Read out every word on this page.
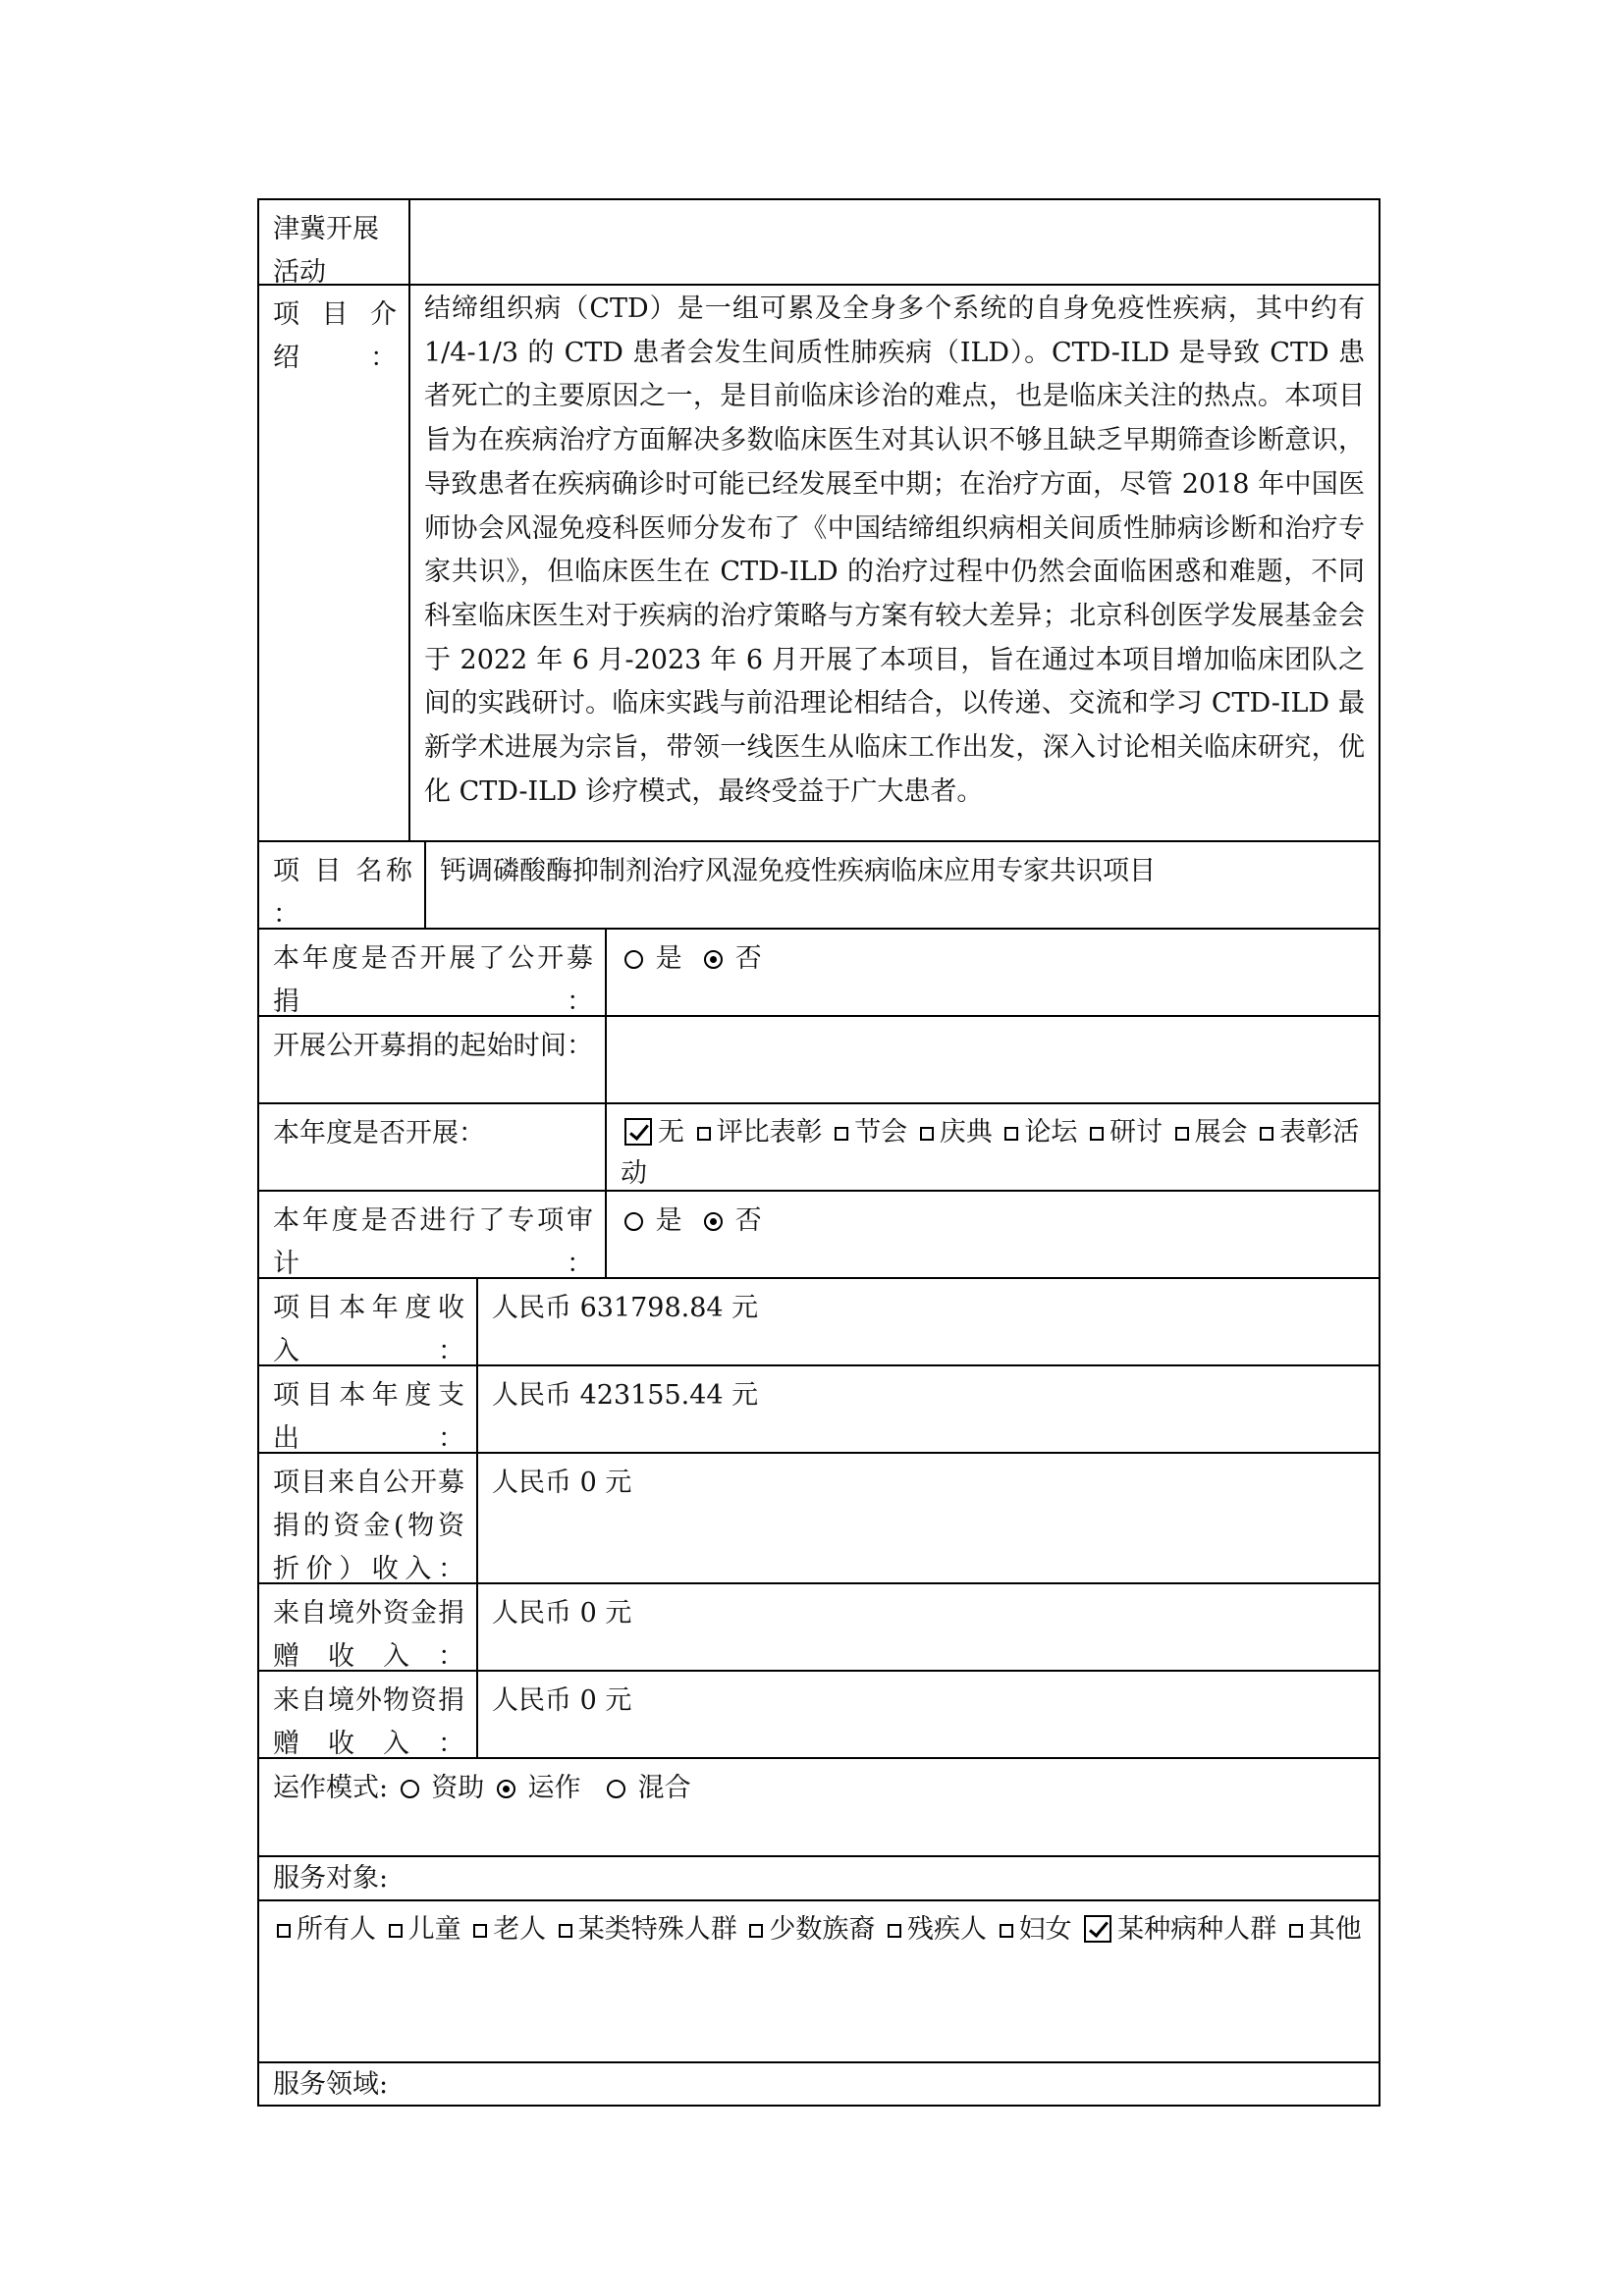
津冀开展活动
项 目 介绍：
结缔组织病（CTD）是一组可累及全身多个系统的自身免疫性疾病，其中约有 1/4-1/3 的 CTD 患者会发生间质性肺疾病（ILD）。CTD-ILD 是导致 CTD 患者死亡的主要原因之一，是目前临床诊治的难点，也是临床关注的热点。本项目旨为在疾病治疗方面解决多数临床医生对其认识不够且缺乏早期筛查诊断意识，导致患者在疾病确诊时可能已经发展至中期；在治疗方面，尽管 2018 年中国医师协会风湿免疫科医师分发布了《中国结缔组织病相关间质性肺病诊断和治疗专家共识》，但临床医生在 CTD-ILD 的治疗过程中仍然会面临困惑和难题，不同科室临床医生对于疾病的治疗策略与方案有较大差异；北京科创医学发展基金会于 2022 年 6 月-2023 年 6 月开展了本项目，旨在通过本项目增加临床团队之间的实践研讨。临床实践与前沿理论相结合，以传递、交流和学习 CTD-ILD 最新学术进展为宗旨，带领一线医生从临床工作出发，深入讨论相关临床研究，优化 CTD-ILD 诊疗模式，最终受益于广大患者。
项 目 名称 ：
钙调磷酸酶抑制剂治疗风湿免疫性疾病临床应用专家共识项目
本年度是否开展了公开募捐：
是 否
开展公开募捐的起始时间：
本年度是否开展：	无 评比表彰 节会 庆典 论坛 研讨 展会 表彰活动
本年度是否进行了专项审计：
是 否
项目本年度收入：
人民币 631798.84 元
项目本年度支出：
人民币 423155.44 元
项目来自公开募捐的资金(物资折价）收入：
人民币 0 元
来自境外资金捐赠收入：
人民币 0 元
来自境外物资捐赠收入：
人民币 0 元
运作模式: 资助 运作 混合
服务对象:
所有人 儿童 老人 某类特殊人群 少数族裔 残疾人 妇女 某种病种人群 其他
服务领域:
